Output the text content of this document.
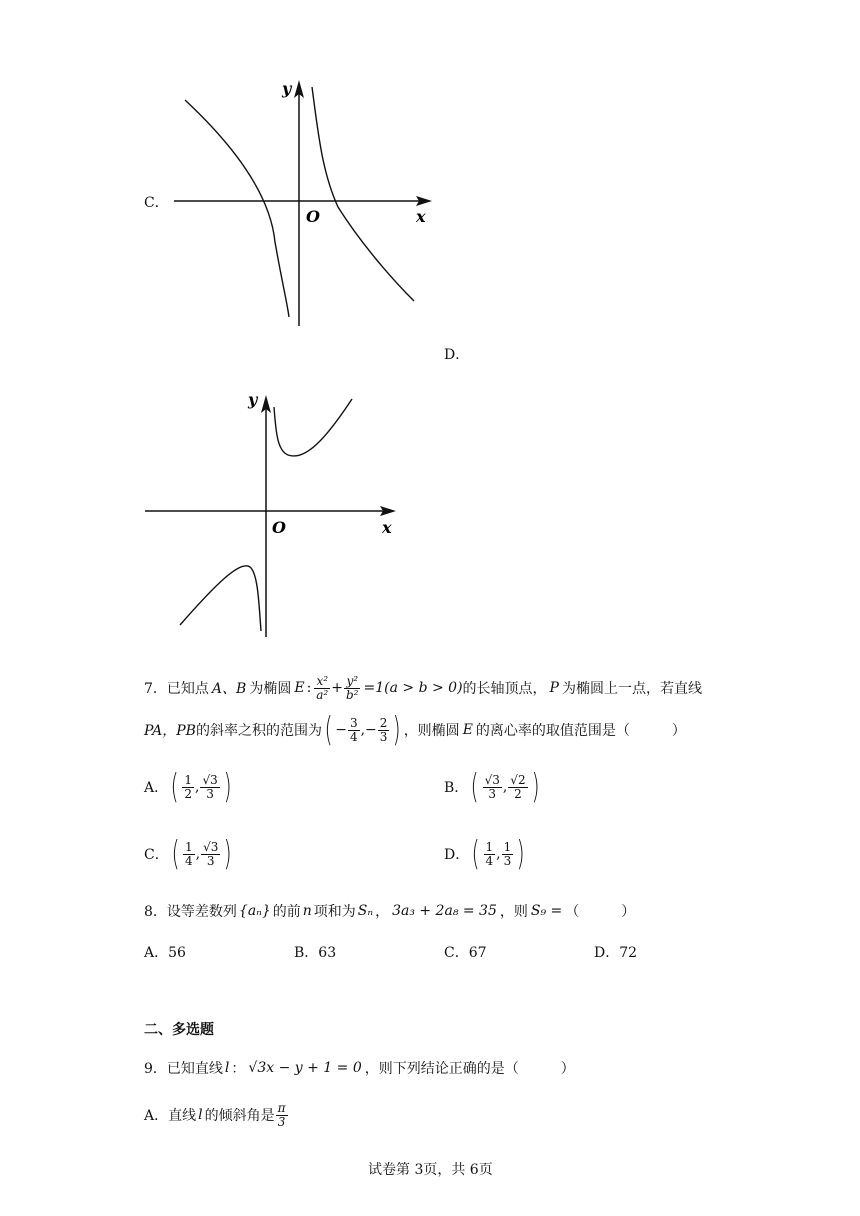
C．
y
x
O
D．
y
x
O
7． 已知点 A、B 为椭圆 E : $\frac{\text{x²}}{\text{a²}} + \frac{\text{y²}}{\text{b²}} = 1(a > b > 0)$ 的长轴顶点， P 为椭圆上一点，若直线
PA，PB 的斜率之积的范围为 ( − $\frac{3}{4}$ ,− $\frac{2}{3}$ ) ，则椭圆 E 的离心率的取值范围是（　　　）
A． ( $\frac{1}{2}$ , $\frac{√3}{3}$ )	B． ( $\frac{√3}{3}$ , $\frac{√2}{2}$ )
C． ( $\frac{1}{4}$ , $\frac{√3}{3}$ )	D． ( $\frac{1}{4}$ , $\frac{1}{3}$ )
8． 设等差数列 {aₙ} 的前 n 项和为 Sₙ ， 3a₃ + 2a₈ = 35 ，则 S₉ = （　　　）
A．56	B．63	C．67	D．72
二、多选题
9． 已知直线 l ： √3x − y + 1 = 0 ，则下列结论正确的是（　　　）
A． 直线 l 的倾斜角是 $\frac{\pi}{3}$
试卷第 3页，共 6页
